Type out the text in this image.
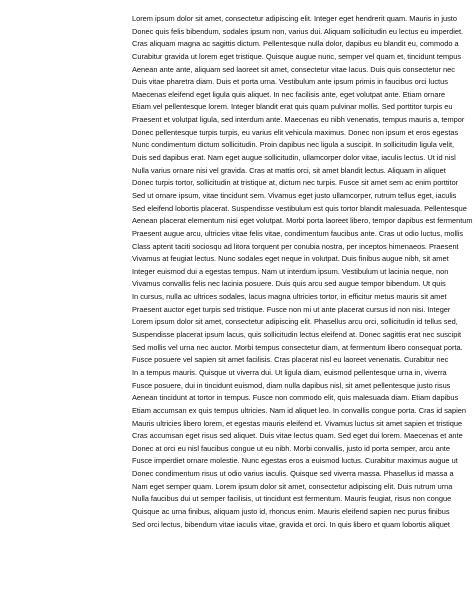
Lorem ipsum dolor sit amet, consectetur adipiscing elit. Integer eget hendrerit quam. Mauris in justo
Donec quis felis bibendum, sodales ipsum non, varius dui. Aliquam sollicitudin eu lectus eu imperdiet.
Cras aliquam magna ac sagittis dictum. Pellentesque nulla dolor, dapibus eu blandit eu, commodo a
Curabitur gravida ut lorem eget tristique. Quisque augue nunc, semper vel quam et, tincidunt tempus
Aenean ante ante, aliquam sed laoreet sit amet, consectetur vitae lacus. Duis quis consectetur nec
Duis vitae pharetra diam. Duis et porta urna. Vestibulum ante ipsum primis in faucibus orci luctus
Maecenas eleifend eget ligula quis aliquet. In nec facilisis ante, eget volutpat ante. Etiam ornare
Etiam vel pellentesque lorem. Integer blandit erat quis quam pulvinar mollis. Sed porttitor turpis eu
Praesent et volutpat ligula, sed interdum ante. Maecenas eu nibh venenatis, tempus mauris a, tempor
Donec pellentesque turpis turpis, eu varius elit vehicula maximus. Donec non ipsum et eros egestas
Nunc condimentum dictum sollicitudin. Proin dapibus nec ligula a suscipit. In sollicitudin ligula velit,
Duis sed dapibus erat. Nam eget augue sollicitudin, ullamcorper dolor vitae, iaculis lectus. Ut id nisl
Nulla varius ornare nisi vel gravida. Cras at mattis orci, sit amet blandit lectus. Aliquam in aliquet
Donec turpis tortor, sollicitudin at tristique at, dictum nec turpis. Fusce sit amet sem ac enim porttitor
Sed ut ornare ipsum, vitae tincidunt sem. Vivamus eget justo ullamcorper, rutrum tellus eget, iaculis
Sed eleifend lobortis placerat. Suspendisse vestibulum est quis tortor blandit malesuada. Pellentesque
Aenean placerat elementum nisi eget volutpat. Morbi porta laoreet libero, tempor dapibus est fermentum
Praesent augue arcu, ultricies vitae felis vitae, condimentum faucibus ante. Cras ut odio luctus, mollis
Class aptent taciti sociosqu ad litora torquent per conubia nostra, per inceptos himenaeos. Praesent
Vivamus at feugiat lectus. Nunc sodales eget neque in volutpat. Duis finibus augue nibh, sit amet
Integer euismod dui a egestas tempus. Nam ut interdum ipsum. Vestibulum ut lacinia neque, non
Vivamus convallis felis nec lacinia posuere. Duis quis arcu sed augue tempor bibendum. Ut quis
In cursus, nulla ac ultrices sodales, lacus magna ultricies tortor, in efficitur metus mauris sit amet
Praesent auctor eget turpis sed tristique. Fusce non mi ut ante placerat cursus id non nisi. Integer
Lorem ipsum dolor sit amet, consectetur adipiscing elit. Phasellus arcu orci, sollicitudin id tellus sed,
Suspendisse placerat ipsum lacus, quis sollicitudin lectus eleifend at. Donec sagittis erat nec suscipit
Sed mollis vel urna nec auctor. Morbi tempus consectetur diam, at fermentum libero consequat porta.
Fusce posuere vel sapien sit amet facilisis. Cras placerat nisl eu laoreet venenatis. Curabitur nec
In a tempus mauris. Quisque ut viverra dui. Ut ligula diam, euismod pellentesque urna in, viverra
Fusce posuere, dui in tincidunt euismod, diam nulla dapibus nisl, sit amet pellentesque justo risus
Aenean tincidunt at tortor in tempus. Fusce non commodo elit, quis malesuada diam. Etiam dapibus
Etiam accumsan ex quis tempus ultricies. Nam id aliquet leo. In convallis congue porta. Cras id sapien
Mauris ultricies libero lorem, et egestas mauris eleifend et. Vivamus luctus sit amet sapien et tristique
Cras accumsan eget risus sed aliquet. Duis vitae lectus quam. Sed eget dui lorem. Maecenas et ante
Donec at orci eu nisl faucibus congue ut eu nibh. Morbi convallis, justo id porta semper, arcu ante
Fusce imperdiet ornare molestie. Nunc egestas eros a euismod luctus. Curabitur maximus augue ut
Donec condimentum risus ut odio varius iaculis. Quisque sed viverra massa. Phasellus id massa a
Nam eget semper quam. Lorem ipsum dolor sit amet, consectetur adipiscing elit. Duis rutrum urna
Nulla faucibus dui ut semper facilisis, ut tincidunt est fermentum. Mauris feugiat, risus non congue
Quisque ac urna finibus, aliquam justo id, rhoncus enim. Mauris eleifend sapien nec purus finibus
Sed orci lectus, bibendum vitae iaculis vitae, gravida et orci. In quis libero et quam lobortis aliquet
